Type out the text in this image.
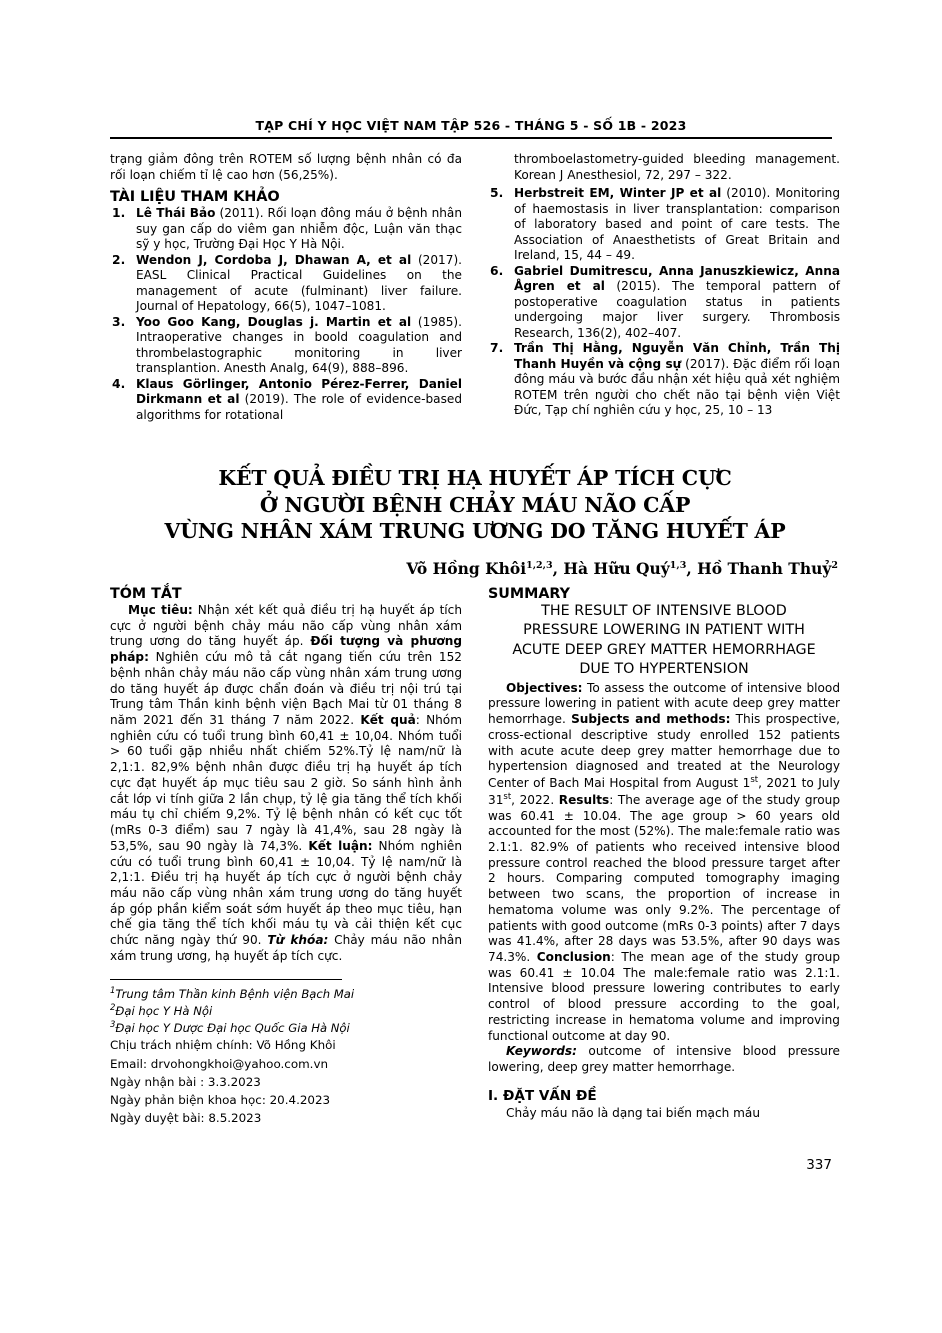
TẠP CHÍ Y HỌC VIỆT NAM TẬP 526 - THÁNG 5 - SỐ 1B - 2023
trạng giảm đông trên ROTEM số lượng bệnh nhân có đa rối loạn chiếm tỉ lệ cao hơn (56,25%).
TÀI LIỆU THAM KHẢO
Lê Thái Bảo (2011). Rối loạn đông máu ở bệnh nhân suy gan cấp do viêm gan nhiễm độc, Luận văn thạc sỹ y học, Trường Đại Học Y Hà Nội.
Wendon J, Cordoba J, Dhawan A, et al (2017). EASL Clinical Practical Guidelines on the management of acute (fulminant) liver failure. Journal of Hepatology, 66(5), 1047–1081.
Yoo Goo Kang, Douglas j. Martin et al (1985). Intraoperative changes in boold coagulation and thrombelastographic monitoring in liver transplantion. Anesth Analg, 64(9), 888–896.
Klaus Görlinger, Antonio Pérez-Ferrer, Daniel Dirkmann et al (2019). The role of evidence-based algorithms for rotational
thromboelastometry-guided bleeding management. Korean J Anesthesiol, 72, 297 – 322.
Herbstreit EM, Winter JP et al (2010). Monitoring of haemostasis in liver transplantation: comparison of laboratory based and point of care tests. The Association of Anaesthetists of Great Britain and Ireland, 15, 44 – 49.
Gabriel Dumitrescu, Anna Januszkiewicz, Anna Ågren et al (2015). The temporal pattern of postoperative coagulation status in patients undergoing major liver surgery. Thrombosis Research, 136(2), 402–407.
Trần Thị Hằng, Nguyễn Văn Chỉnh, Trần Thị Thanh Huyền và cộng sự (2017). Đặc điểm rối loạn đông máu và bước đầu nhận xét hiệu quả xét nghiệm ROTEM trên người cho chết não tại bệnh viện Việt Đức, Tạp chí nghiên cứu y học, 25, 10 – 13
KẾT QUẢ ĐIỀU TRỊ HẠ HUYẾT ÁP TÍCH CỰC
Ở NGƯỜI BỆNH CHẢY MÁU NÃO CẤP
VÙNG NHÂN XÁM TRUNG ƯƠNG DO TĂNG HUYẾT ÁP
Võ Hồng Khôi$^{1,2,3}$, Hà Hữu Quý$^{1,3}$, Hồ Thanh Thuỷ$^2$
TÓM TẮT

Mục tiêu: Nhận xét kết quả điều trị hạ huyết áp tích cực ở người bệnh chảy máu não cấp vùng nhân xám trung ương do tăng huyết áp. Đối tượng và phương pháp: Nghiên cứu mô tả cắt ngang tiến cứu trên 152 bệnh nhân chảy máu não cấp vùng nhân xám trung ương do tăng huyết áp được chẩn đoán và điều trị nội trú tại Trung tâm Thần kinh bệnh viện Bạch Mai từ 01 tháng 8 năm 2021 đến 31 tháng 7 năm 2022. Kết quả: Nhóm nghiên cứu có tuổi trung bình 60,41 ± 10,04. Nhóm tuổi > 60 tuổi gặp nhiều nhất chiếm 52%.Tỷ lệ nam/nữ là 2,1:1. 82,9% bệnh nhân được điều trị hạ huyết áp tích cực đạt huyết áp mục tiêu sau 2 giờ. So sánh hình ảnh cắt lớp vi tính giữa 2 lần chụp, tỷ lệ gia tăng thể tích khối máu tụ chỉ chiếm 9,2%. Tỷ lệ bệnh nhân có kết cục tốt (mRs 0-3 điểm) sau 7 ngày là 41,4%, sau 28 ngày là 53,5%, sau 90 ngày là 74,3%. Kết luận: Nhóm nghiên cứu có tuổi trung bình 60,41 ± 10,04. Tỷ lệ nam/nữ là 2,1:1. Điều trị hạ huyết áp tích cực ở người bệnh chảy máu não cấp vùng nhân xám trung ương do tăng huyết áp góp phần kiểm soát sớm huyết áp theo mục tiêu, hạn chế gia tăng thể tích khối máu tụ và cải thiện kết cục chức năng ngày thứ 90. Từ khóa: Chảy máu não nhân xám trung ương, hạ huyết áp tích cực.

$^1$Trung tâm Thần kinh Bệnh viện Bạch Mai
$^2$Đại học Y Hà Nội
$^3$Đại học Y Dược Đại học Quốc Gia Hà Nội
Chịu trách nhiệm chính: Võ Hồng Khôi
Email: drvohongkhoi@yahoo.com.vn
Ngày nhận bài : 3.3.2023
Ngày phản biện khoa học: 20.4.2023
Ngày duyệt bài: 8.5.2023
SUMMARY
THE RESULT OF INTENSIVE BLOOD
PRESSURE LOWERING IN PATIENT WITH
ACUTE DEEP GREY MATTER HEMORRHAGE
DUE TO HYPERTENSION

Objectives: To assess the outcome of intensive blood pressure lowering in patient with acute deep grey matter hemorrhage. Subjects and methods: This prospective, cross-ectional descriptive study enrolled 152 patients with acute acute deep grey matter hemorrhage due to hypertension diagnosed and treated at the Neurology Center of Bach Mai Hospital from August 1st, 2021 to July 31st, 2022. Results: The average age of the study group was 60.41 ± 10.04. The age group > 60 years old accounted for the most (52%). The male:female ratio was 2.1:1. 82.9% of patients who received intensive blood pressure control reached the blood pressure target after 2 hours. Comparing computed tomography imaging between two scans, the proportion of increase in hematoma volume was only 9.2%. The percentage of patients with good outcome (mRs 0-3 points) after 7 days was 41.4%, after 28 days was 53.5%, after 90 days was 74.3%. Conclusion: The mean age of the study group was 60.41 ± 10.04 The male:female ratio was 2.1:1. Intensive blood pressure lowering contributes to early control of blood pressure according to the goal, restricting increase in hematoma volume and improving functional outcome at day 90.

Keywords: outcome of intensive blood pressure lowering, deep grey matter hemorrhage.

I. ĐẶT VẤN ĐỀ

Chảy máu não là dạng tai biến mạch máu

337
